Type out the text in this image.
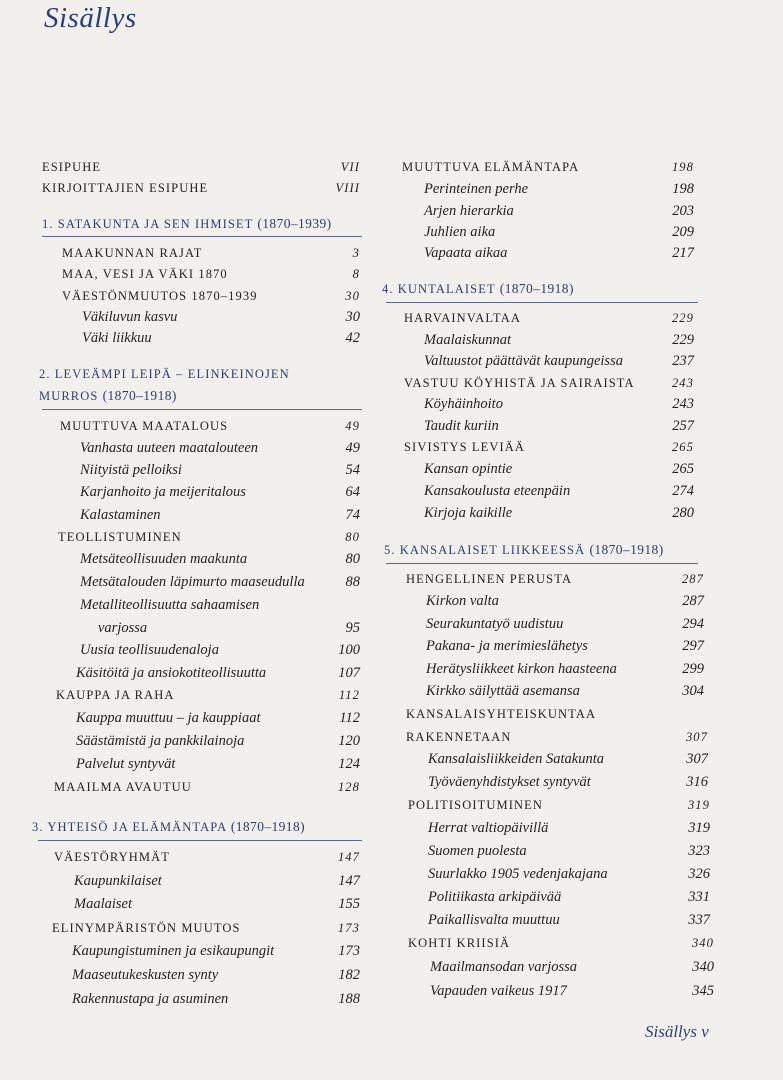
Sisällys
ESIPUHE	VII
KIRJOITTAJIEN ESIPUHE	VIII
1. SATAKUNTA JA SEN IHMISET (1870–1939)
MAAKUNNAN RAJAT	3
MAA, VESI JA VÄKI 1870	8
VÄESTÖNMUUTOS 1870–1939	30
Väkiluvun kasvu	30
Väki liikkuu	42
2. LEVEÄMPI LEIPÄ – ELINKEINOJEN
MURROS (1870–1918)
MUUTTUVA MAATALOUS	49
Vanhasta uuteen maatalouteen	49
Niityistä pelloiksi	54
Karjanhoito ja meijeritalous	64
Kalastaminen	74
TEOLLISTUMINEN	80
Metsäteollisuuden maakunta	80
Metsätalouden läpimurto maaseudulla	88
Metalliteollisuutta sahaamisen
varjossa	95
Uusia teollisuudenaloja	100
Käsitöitä ja ansiokotiteollisuutta	107
KAUPPA JA RAHA	112
Kauppa muuttuu – ja kauppiaat	112
Säästämistä ja pankkilainoja	120
Palvelut syntyvät	124
MAAILMA AVAUTUU	128
3. YHTEISÖ JA ELÄMÄNTAPA (1870–1918)
VÄESTÖRYHMÄT	147
Kaupunkilaiset	147
Maalaiset	155
ELINYMPÄRISTÖN MUUTOS	173
Kaupungistuminen ja esikaupungit	173
Maaseutukeskusten synty	182
Rakennustapa ja asuminen	188
MUUTTUVA ELÄMÄNTAPA	198
Perinteinen perhe	198
Arjen hierarkia	203
Juhlien aika	209
Vapaata aikaa	217
4. KUNTALAISET (1870–1918)
HARVAINVALTAA	229
Maalaiskunnat	229
Valtuustot päättävät kaupungeissa	237
VASTUU KÖYHISTÄ JA SAIRAISTA	243
Köyhäinhoito	243
Taudit kuriin	257
SIVISTYS LEVIÄÄ	265
Kansan opintie	265
Kansakoulusta eteenpäin	274
Kirjoja kaikille	280
5. KANSALAISET LIIKKEESSÄ (1870–1918)
HENGELLINEN PERUSTA	287
Kirkon valta	287
Seurakuntatyö uudistuu	294
Pakana- ja merimieslähetys	297
Herätysliikkeet kirkon haasteena	299
Kirkko säilyttää asemansa	304
KANSALAISYHTEISKUNTAA
RAKENNETAAN	307
Kansalaisliikkeiden Satakunta	307
Työväenyhdistykset syntyvät	316
POLITISOITUMINEN	319
Herrat valtiopäivillä	319
Suomen puolesta	323
Suurlakko 1905 vedenjakajana	326
Politiikasta arkipäivää	331
Paikallisvalta muuttuu	337
KOHTI KRIISIÄ	340
Maailmansodan varjossa	340
Vapauden vaikeus 1917	345
Sisällys v
